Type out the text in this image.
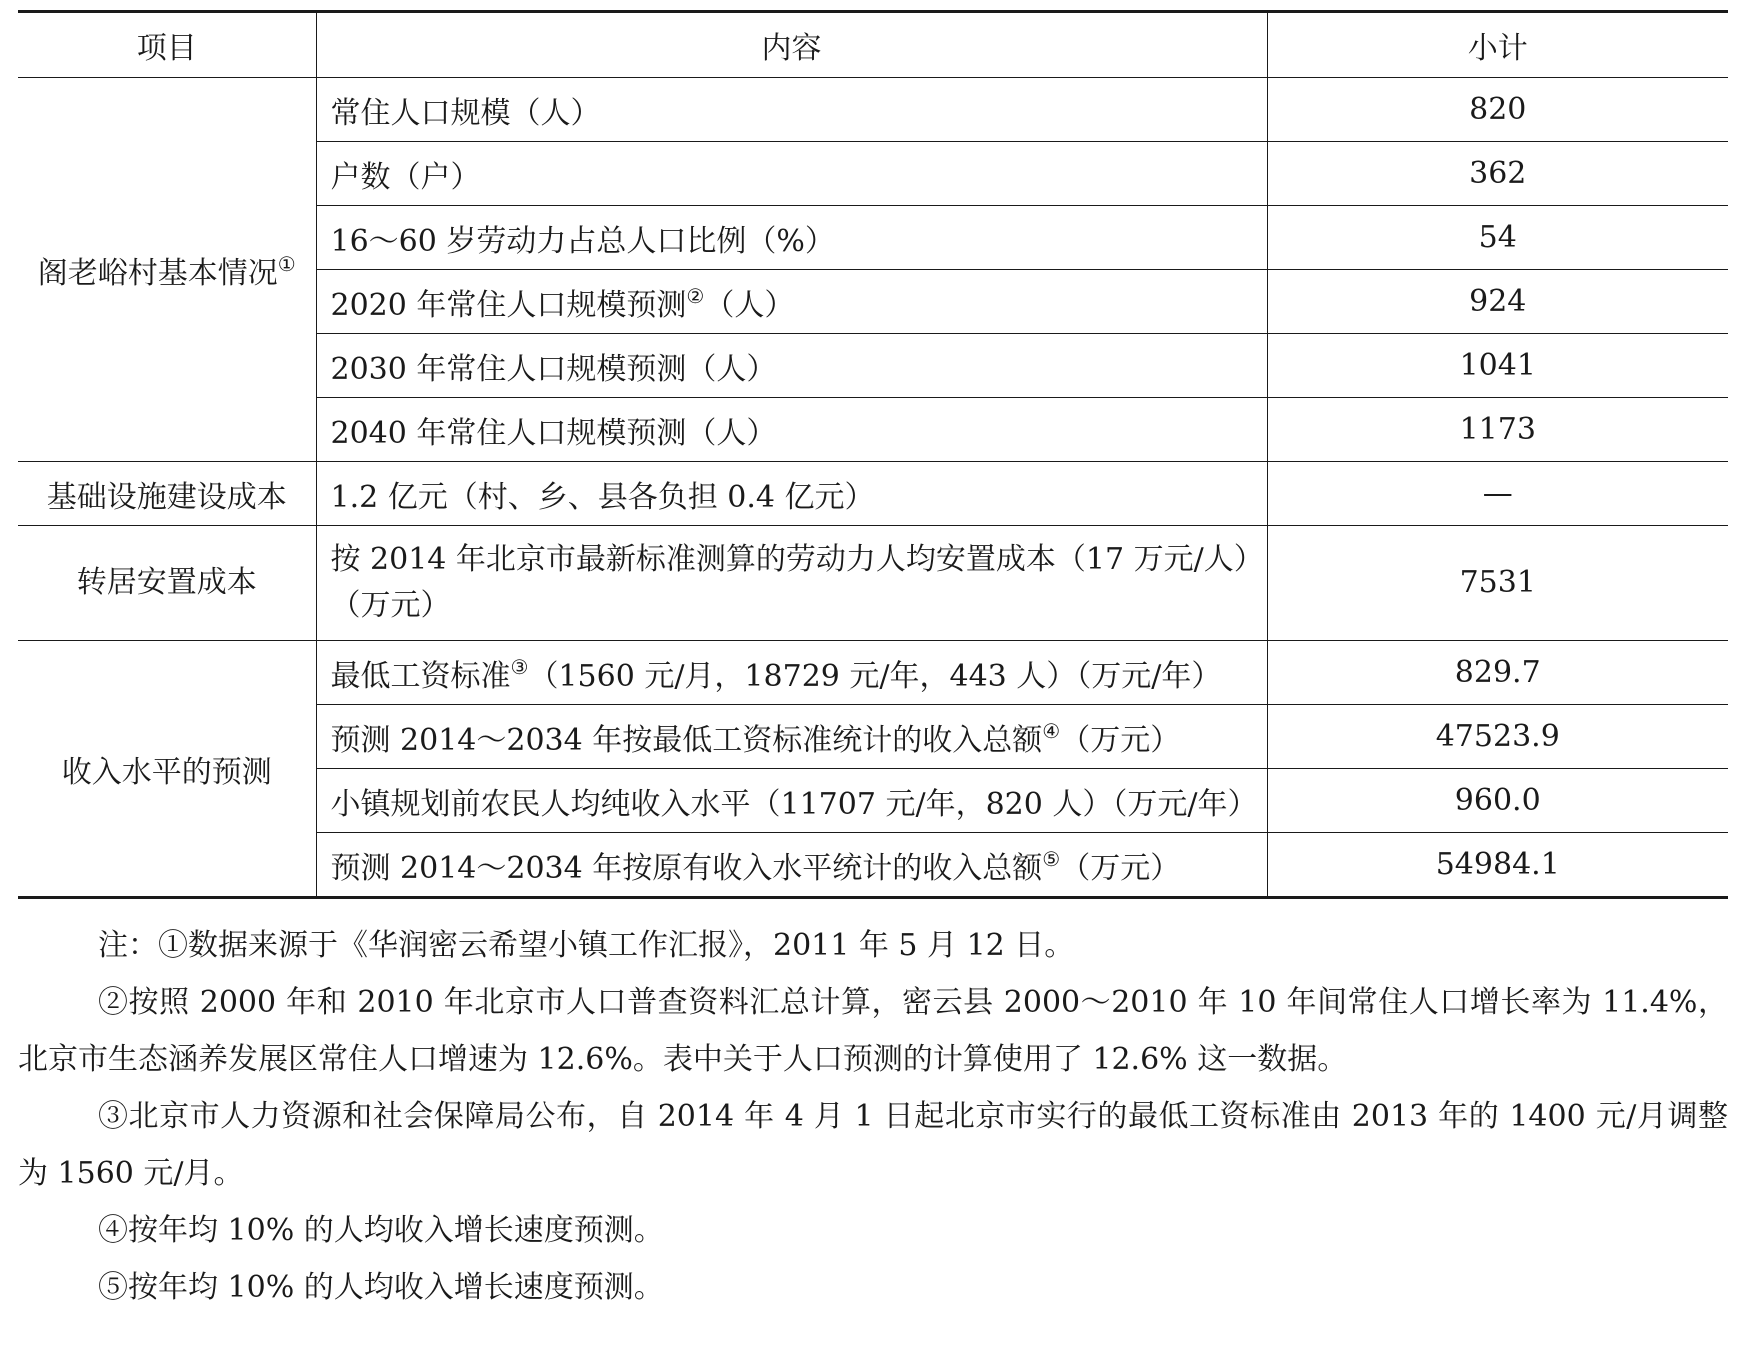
项目	内容	小计
阁老峪村基本情况①	常住人口规模（人）	820
	户数（户）	362
	16～60 岁劳动力占总人口比例（%）	54
	2020 年常住人口规模预测②（人）	924
	2030 年常住人口规模预测（人）	1041
	2040 年常住人口规模预测（人）	1173
基础设施建设成本	1.2 亿元（村、乡、县各负担 0.4 亿元）	—
转居安置成本	按 2014 年北京市最新标准测算的劳动力人均安置成本（17 万元/人）（万元）	7531
收入水平的预测	最低工资标准③（1560 元/月，18729 元/年，443 人）（万元/年）	829.7
	预测 2014～2034 年按最低工资标准统计的收入总额④（万元）	47523.9
	小镇规划前农民人均纯收入水平（11707 元/年，820 人）（万元/年）	960.0
	预测 2014～2034 年按原有收入水平统计的收入总额⑤（万元）	54984.1
注：①数据来源于《华润密云希望小镇工作汇报》，2011 年 5 月 12 日。
②按照 2000 年和 2010 年北京市人口普查资料汇总计算，密云县 2000～2010 年 10 年间常住人口增长率为 11.4%，北京市生态涵养发展区常住人口增速为 12.6%。表中关于人口预测的计算使用了 12.6% 这一数据。
③北京市人力资源和社会保障局公布，自 2014 年 4 月 1 日起北京市实行的最低工资标准由 2013 年的 1400 元/月调整为 1560 元/月。
④按年均 10% 的人均收入增长速度预测。
⑤按年均 10% 的人均收入增长速度预测。
